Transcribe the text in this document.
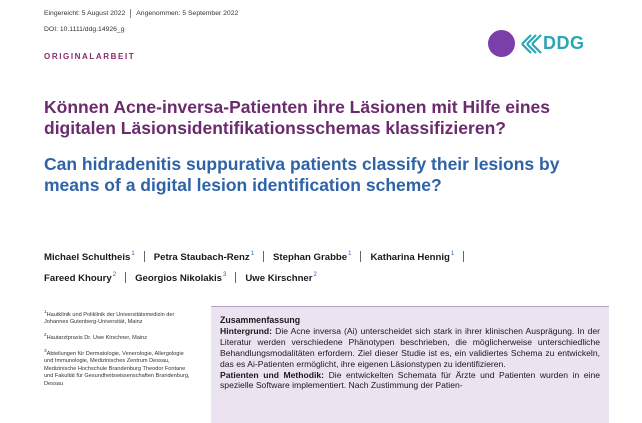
Eingereicht: 5 August 2022 Angenommen: 5 September 2022
DOI: 10.1111/ddg.14926_g
ORIGINALARBEIT
DDG
Können Acne-inversa-Patienten ihre Läsionen mit Hilfe eines digitalen Läsionsidentifikationsschemas klassifizieren?
Can hidradenitis suppurativa patients classify their lesions by means of a digital lesion identification scheme?
Michael Schultheis$^1$ Petra Staubach-Renz$^1$ Stephan Grabbe$^1$ Katharina Hennig$^1$
Fareed Khoury$^2$ Georgios Nikolakis$^3$ Uwe Kirschner$^2$

$^1$Hautklinik und Poliklinik der Universitätsmedizin der Johannes Gutenberg-Universität, Mainz

$^2$Hautarztpraxis Dr. Uwe Kirschner, Mainz

$^3$Abteilungen für Dermatologie, Venerologie, Allergologie und Immunologie, Medizinisches Zentrum Dessau, Medizinische Hochschule Brandenburg Theodor Fontane und Fakultät für Gesundheitswissenschaften Brandenburg, Dessau

Zusammenfassung

Hintergrund: Die Acne inversa (Ai) unterscheidet sich stark in ihrer klinischen Ausprägung. In der Literatur werden verschiedene Phänotypen beschrieben, die möglicherweise unterschiedliche Behandlungsmodalitäten erfordern. Ziel dieser Studie ist es, ein validiertes Schema zu entwickeln, das es Ai-Patienten ermöglicht, ihre eigenen Läsionstypen zu identifizieren.

Patienten und Methodik: Die entwickelten Schemata für Ärzte und Patienten wurden in eine spezielle Software implementiert. Nach Zustimmung der Patien-
